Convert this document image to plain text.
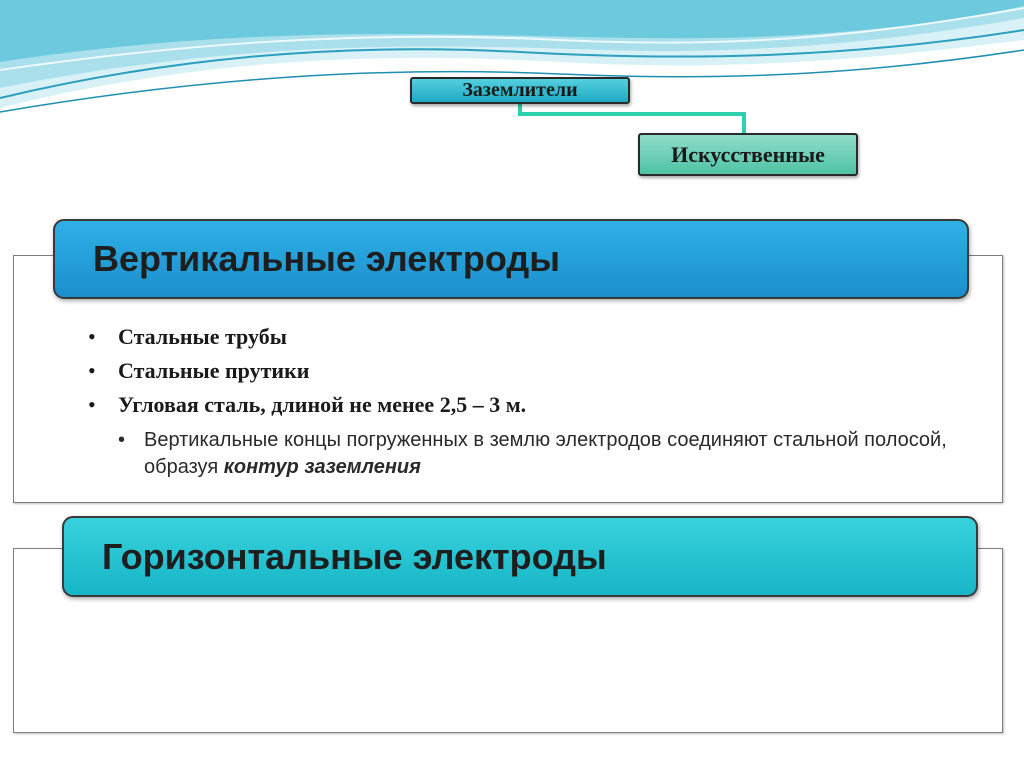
Заземлители
Искусственные
Вертикальные электроды
• Стальные трубы
• Стальные прутики
• Угловая сталь, длиной не менее 2,5 – 3 м.

• Вертикальные концы погруженных в землю электродов соединяют стальной полосой, образуя контур заземления

Горизонтальные электроды
